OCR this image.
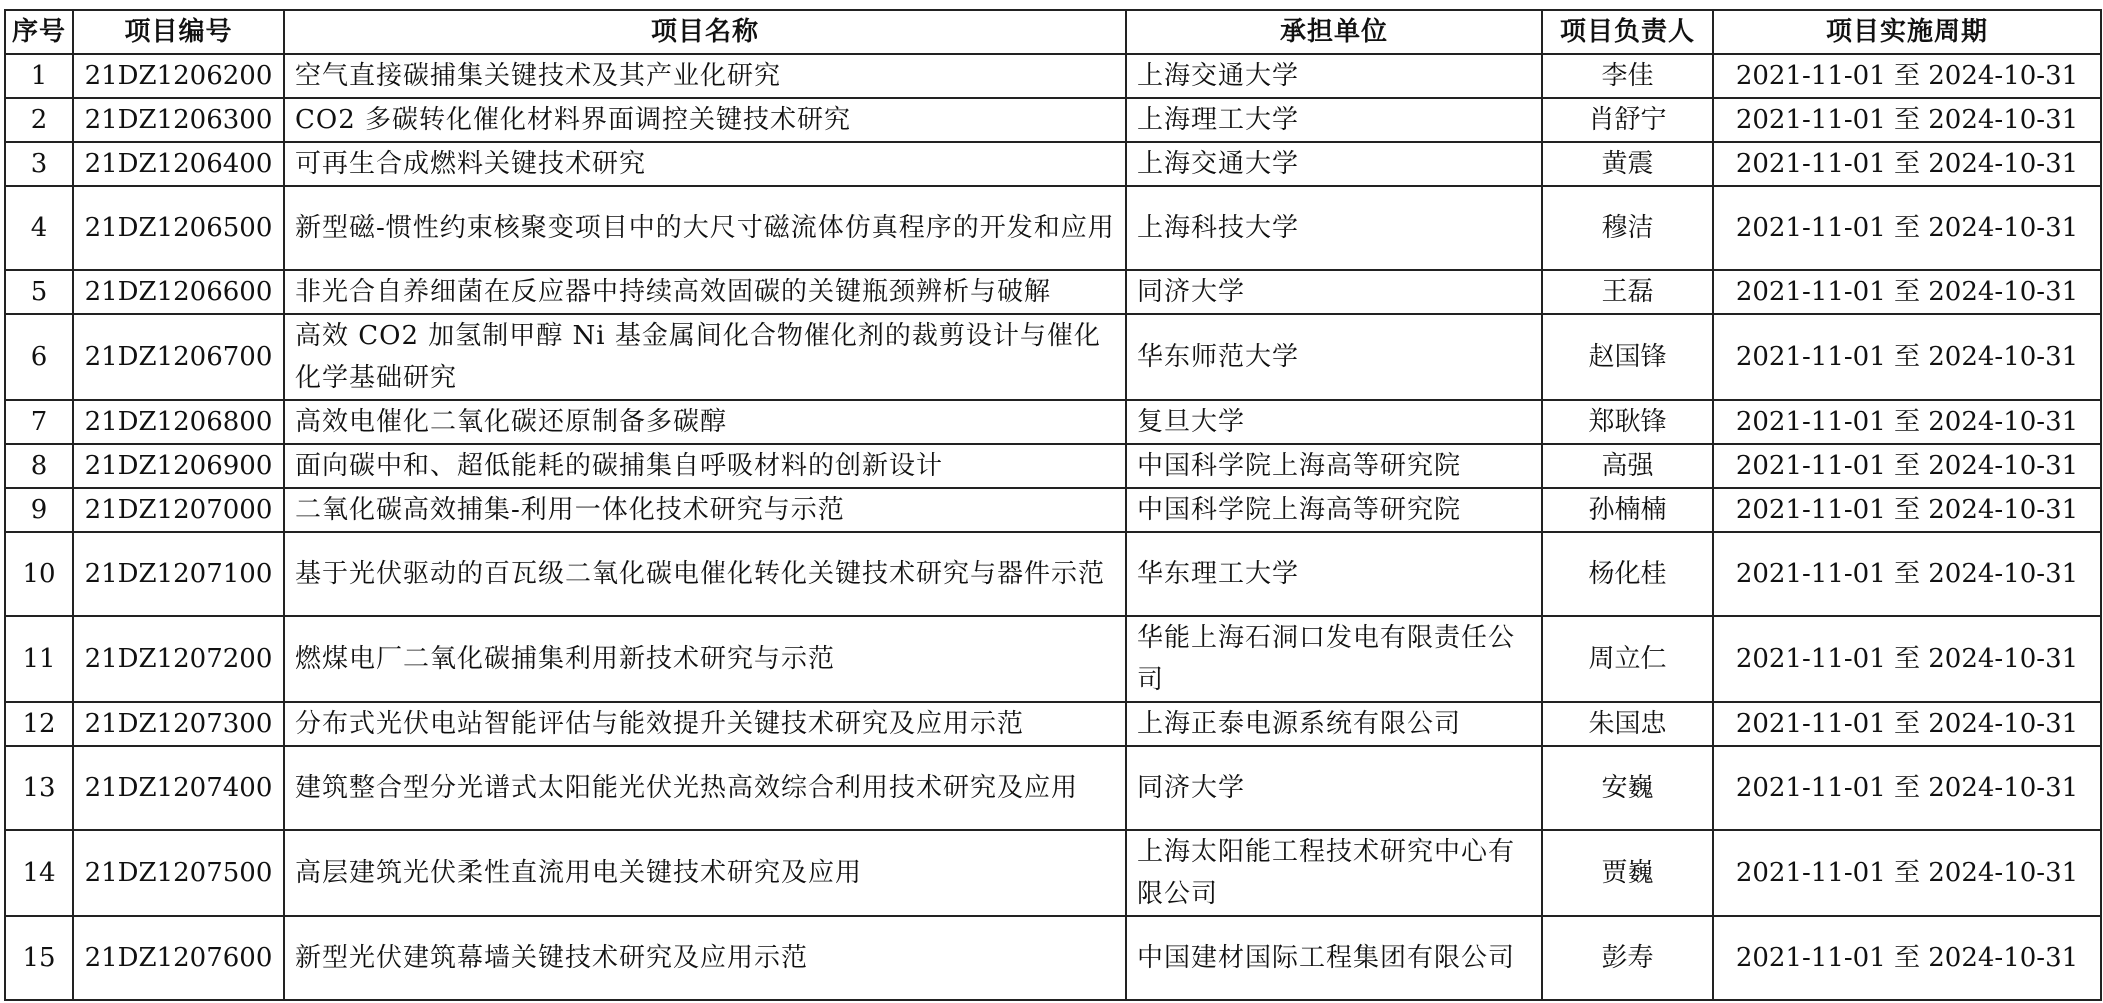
序号	项目编号	项目名称	承担单位	项目负责人	项目实施周期
1	21DZ1206200	空气直接碳捕集关键技术及其产业化研究	上海交通大学	李佳	2021-11-01 至 2024-10-31
2	21DZ1206300	CO2 多碳转化催化材料界面调控关键技术研究	上海理工大学	肖舒宁	2021-11-01 至 2024-10-31
3	21DZ1206400	可再生合成燃料关键技术研究	上海交通大学	黄震	2021-11-01 至 2024-10-31
4	21DZ1206500	新型磁-惯性约束核聚变项目中的大尺寸磁流体仿真程序的开发和应用	上海科技大学	穆洁	2021-11-01 至 2024-10-31
5	21DZ1206600	非光合自养细菌在反应器中持续高效固碳的关键瓶颈辨析与破解	同济大学	王磊	2021-11-01 至 2024-10-31
6	21DZ1206700	高效 CO2 加氢制甲醇 Ni 基金属间化合物催化剂的裁剪设计与催化化学基础研究	华东师范大学	赵国锋	2021-11-01 至 2024-10-31
7	21DZ1206800	高效电催化二氧化碳还原制备多碳醇	复旦大学	郑耿锋	2021-11-01 至 2024-10-31
8	21DZ1206900	面向碳中和、超低能耗的碳捕集自呼吸材料的创新设计	中国科学院上海高等研究院	高强	2021-11-01 至 2024-10-31
9	21DZ1207000	二氧化碳高效捕集-利用一体化技术研究与示范	中国科学院上海高等研究院	孙楠楠	2021-11-01 至 2024-10-31
10	21DZ1207100	基于光伏驱动的百瓦级二氧化碳电催化转化关键技术研究与器件示范	华东理工大学	杨化桂	2021-11-01 至 2024-10-31
11	21DZ1207200	燃煤电厂二氧化碳捕集利用新技术研究与示范	华能上海石洞口发电有限责任公司	周立仁	2021-11-01 至 2024-10-31
12	21DZ1207300	分布式光伏电站智能评估与能效提升关键技术研究及应用示范	上海正泰电源系统有限公司	朱国忠	2021-11-01 至 2024-10-31
13	21DZ1207400	建筑整合型分光谱式太阳能光伏光热高效综合利用技术研究及应用	同济大学	安巍	2021-11-01 至 2024-10-31
14	21DZ1207500	高层建筑光伏柔性直流用电关键技术研究及应用	上海太阳能工程技术研究中心有限公司	贾巍	2021-11-01 至 2024-10-31
15	21DZ1207600	新型光伏建筑幕墙关键技术研究及应用示范	中国建材国际工程集团有限公司	彭寿	2021-11-01 至 2024-10-31
